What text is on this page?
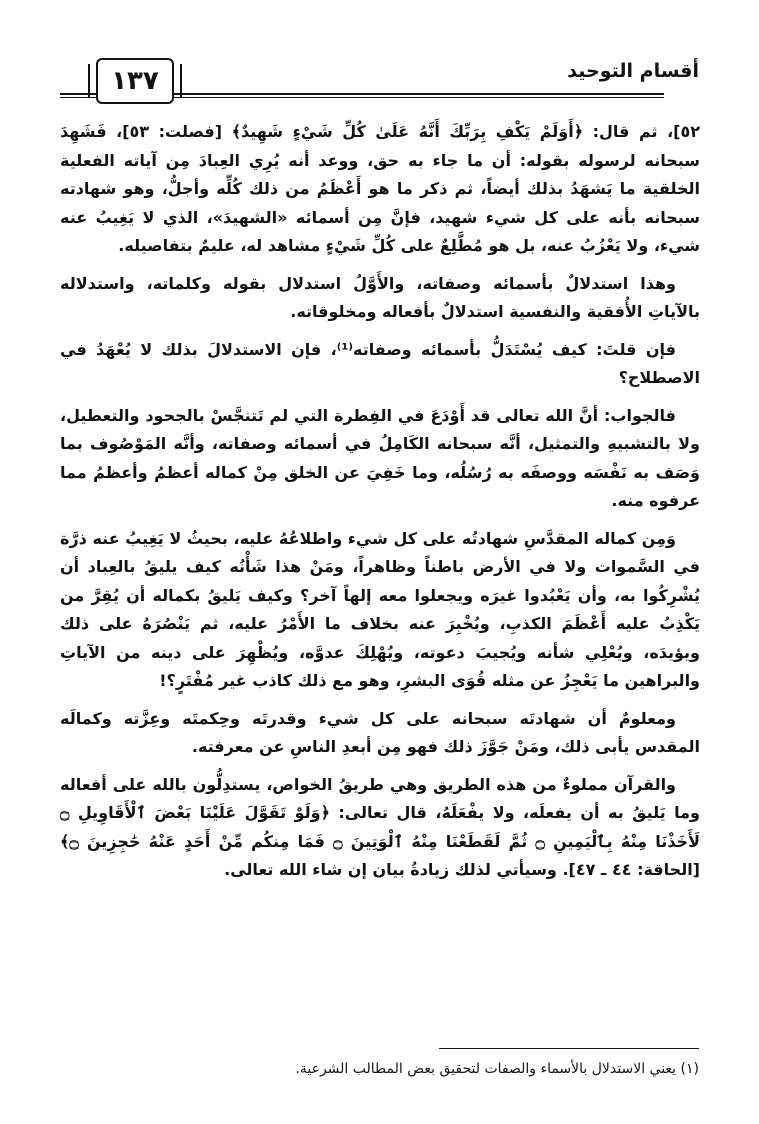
١٣٧	أقسام التوحيد

٥٢]، ثم قال: ﴿أَوَلَمْ يَكْفِ بِرَبِّكَ أَنَّهُ عَلَىٰ كُلِّ شَيْءٍ شَهِيدٌ﴾ [فصلت: ٥٣]، فَشَهِدَ سبحانه لرسوله بقوله: أن ما جاء به حق، ووعد أنه يُرِي العِبادَ مِن آياته الفعلية الخلقية ما يَشهَدُ بذلك أيضاً، ثم ذكر ما هو أَعْظَمُ من ذلك كُلِّه وأجلُّ، وهو شهادته سبحانه بأنه على كل شيء شهيد، فإنَّ مِن أسمائه «الشهيدَ»، الذي لا يَغِيبُ عنه شيء، ولا يَعْزُبُ عنه، بل هو مُطَّلِعٌ على كُلِّ شَيْءٍ مشاهد له، عليمٌ بتفاصيله.

وهذا استدلالٌ بأسمائه وصفاته، والأَوَّلُ استدلال بقوله وكلماته، واستدلاله بالآياتِ الأُفقية والنفسية استدلالٌ بأفعاله ومخلوقاته.

فإن قلتَ: كيف يُسْتَدَلُّ بأسمائه وصفاته⁽¹⁾، فإن الاستدلالَ بذلك لا يُعْهَدُ في الاصطلاح؟

فالجواب: أنَّ الله تعالى قد أَوْدَعَ في الفِطرة التي لم تَتنجَّسْ بالجحود والتعطيل، ولا بالتشبيهِ والتمثيل، أنَّه سبحانه الكَامِلُ في أسمائه وصفاته، وأنَّه المَوْصُوف بما وَصَف به نَفْسَه ووصفَه به رُسُلُه، وما خَفِيَ عن الخلق مِنْ كماله أعظمُ وأعظمُ مما عرفوه منه.

وَمِن كماله المقدَّسِ شهادتُه على كل شيء واطلاعُهُ عليه، بحيثُ لا يَغِيبُ عنه ذرَّة في السَّموات ولا في الأرض باطناً وظاهراً، ومَنْ هذا شَأْنُه كيف يليقُ بالعِباد أن يُشْرِكُوا به، وأن يَعْبُدوا غيرَه ويجعلوا معه إلهاً آخر؟ وكيف يَليقُ بكماله أن يُقِرَّ من يَكْذِبُ عليه أَعْظَمَ الكذبِ، ويُخْبِرَ عنه بخلاف ما الأَمْرُ عليه، ثم يَنْصُرَهُ على ذلك ويؤيدَه، ويُعْلِي شأنه ويُجيبَ دعوته، ويُهْلِكَ عدوَّه، ويُظْهِرَ على دينه من الآياتِ والبراهين ما يَعْجِزُ عن مثله قُوَى البشرِ، وهو مع ذلك كاذب غير مُفْتَرٍ؟!

ومعلومٌ أن شهادتَه سبحانه على كل شيء وقدرتَه وحِكمتَه وعِزَّته وكمالَه المقدس يأبى ذلك، ومَنْ جَوَّزَ ذلك فهو مِن أبعدِ الناسِ عن معرفته.

والقرآن مملوءٌ من هذه الطريق وهي طريقُ الخواص، يستدِلُّون بالله على أفعاله وما يَليقُ به أن يفعلَه، ولا يفْعَلَهُ، قال تعالى: ﴿وَلَوْ تَقَوَّلَ عَلَيْنَا بَعْضَ ٱلْأَقَاوِيلِ ۝ لَأَخَذْنَا مِنْهُ بِٱلْيَمِينِ ۝ ثُمَّ لَقَطَعْنَا مِنْهُ ٱلْوَتِينَ ۝ فَمَا مِنكُم مِّنْ أَحَدٍ عَنْهُ حَٰجِزِينَ ۝﴾ [الحاقة: ٤٤ ـ ٤٧]. وسيأتي لذلك زيادةُ بيان إن شاء الله تعالى.

(١) يعني الاستدلال بالأسماء والصفات لتحقيق بعض المطالب الشرعية.
